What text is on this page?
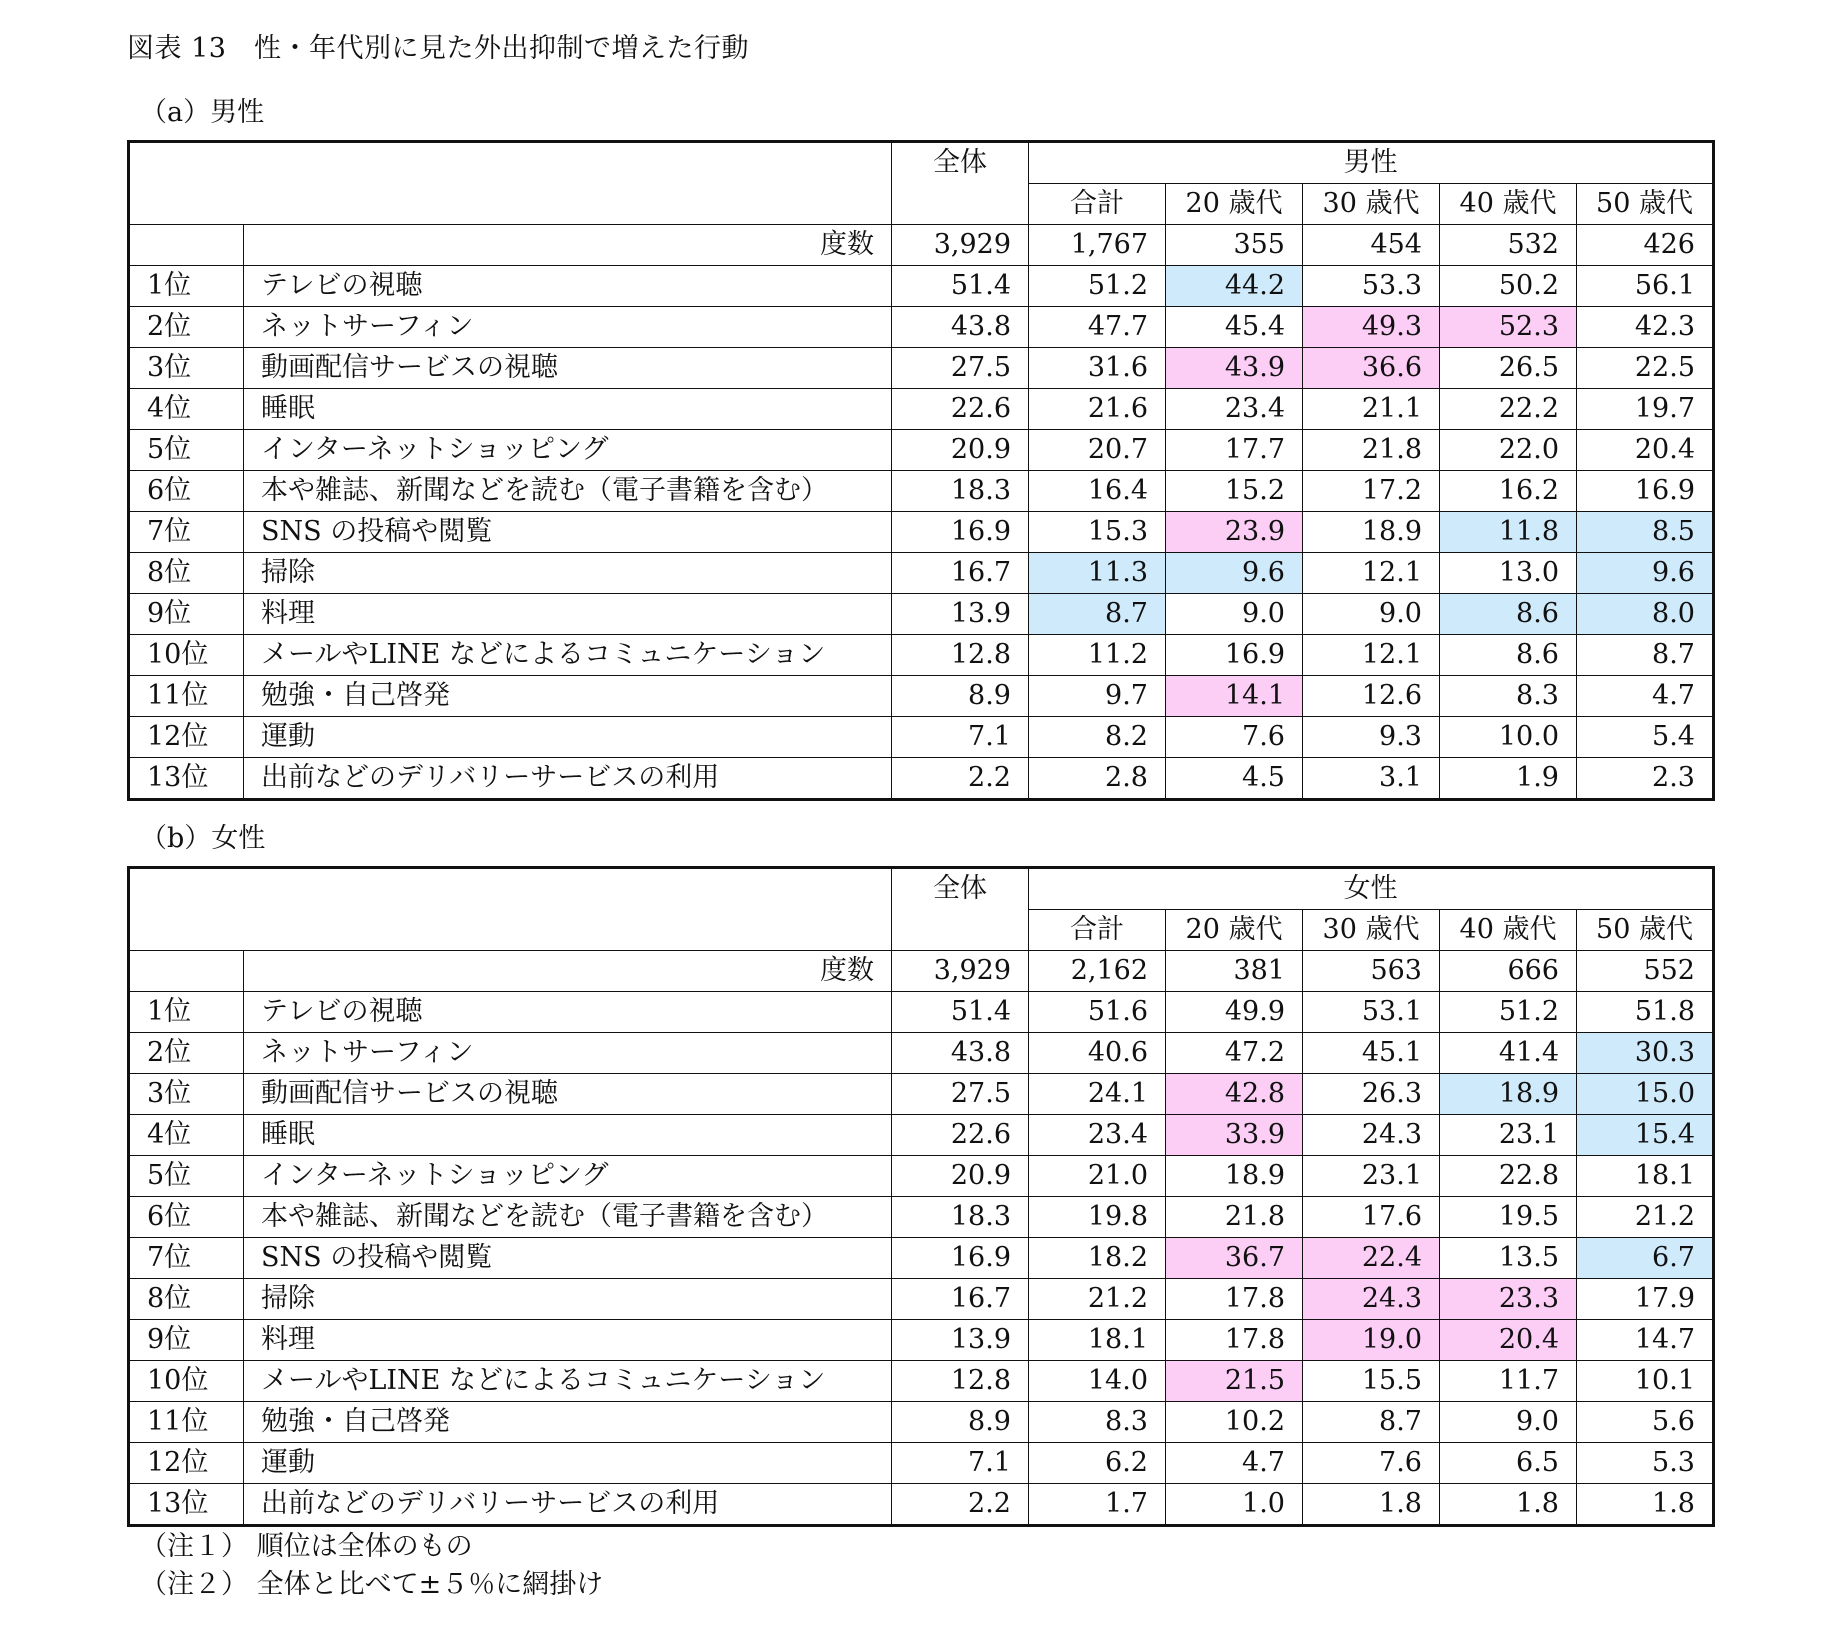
図表 13　性・年代別に見た外出抑制で増えた行動
（a）男性
（b）女性
		全体	男性				
			合計	20 歳代	30 歳代	40 歳代	50 歳代
	度数	3,929	1,767	355	454	532	426
1位	テレビの視聴	51.4	51.2	44.2	53.3	50.2	56.1
2位	ネットサーフィン	43.8	47.7	45.4	49.3	52.3	42.3
3位	動画配信サービスの視聴	27.5	31.6	43.9	36.6	26.5	22.5
4位	睡眠	22.6	21.6	23.4	21.1	22.2	19.7
5位	インターネットショッピング	20.9	20.7	17.7	21.8	22.0	20.4
6位	本や雑誌、新聞などを読む（電子書籍を含む）	18.3	16.4	15.2	17.2	16.2	16.9
7位	SNS の投稿や閲覧	16.9	15.3	23.9	18.9	11.8	8.5
8位	掃除	16.7	11.3	9.6	12.1	13.0	9.6
9位	料理	13.9	8.7	9.0	9.0	8.6	8.0
10位	メールやLINE などによるコミュニケーション	12.8	11.2	16.9	12.1	8.6	8.7
11位	勉強・自己啓発	8.9	9.7	14.1	12.6	8.3	4.7
12位	運動	7.1	8.2	7.6	9.3	10.0	5.4
13位	出前などのデリバリーサービスの利用	2.2	2.8	4.5	3.1	1.9	2.3
		全体	女性				
			合計	20 歳代	30 歳代	40 歳代	50 歳代
	度数	3,929	2,162	381	563	666	552
1位	テレビの視聴	51.4	51.6	49.9	53.1	51.2	51.8
2位	ネットサーフィン	43.8	40.6	47.2	45.1	41.4	30.3
3位	動画配信サービスの視聴	27.5	24.1	42.8	26.3	18.9	15.0
4位	睡眠	22.6	23.4	33.9	24.3	23.1	15.4
5位	インターネットショッピング	20.9	21.0	18.9	23.1	22.8	18.1
6位	本や雑誌、新聞などを読む（電子書籍を含む）	18.3	19.8	21.8	17.6	19.5	21.2
7位	SNS の投稿や閲覧	16.9	18.2	36.7	22.4	13.5	6.7
8位	掃除	16.7	21.2	17.8	24.3	23.3	17.9
9位	料理	13.9	18.1	17.8	19.0	20.4	14.7
10位	メールやLINE などによるコミュニケーション	12.8	14.0	21.5	15.5	11.7	10.1
11位	勉強・自己啓発	8.9	8.3	10.2	8.7	9.0	5.6
12位	運動	7.1	6.2	4.7	7.6	6.5	5.3
13位	出前などのデリバリーサービスの利用	2.2	1.7	1.0	1.8	1.8	1.8
（注１） 順位は全体のもの
（注２） 全体と比べて±５％に網掛け
